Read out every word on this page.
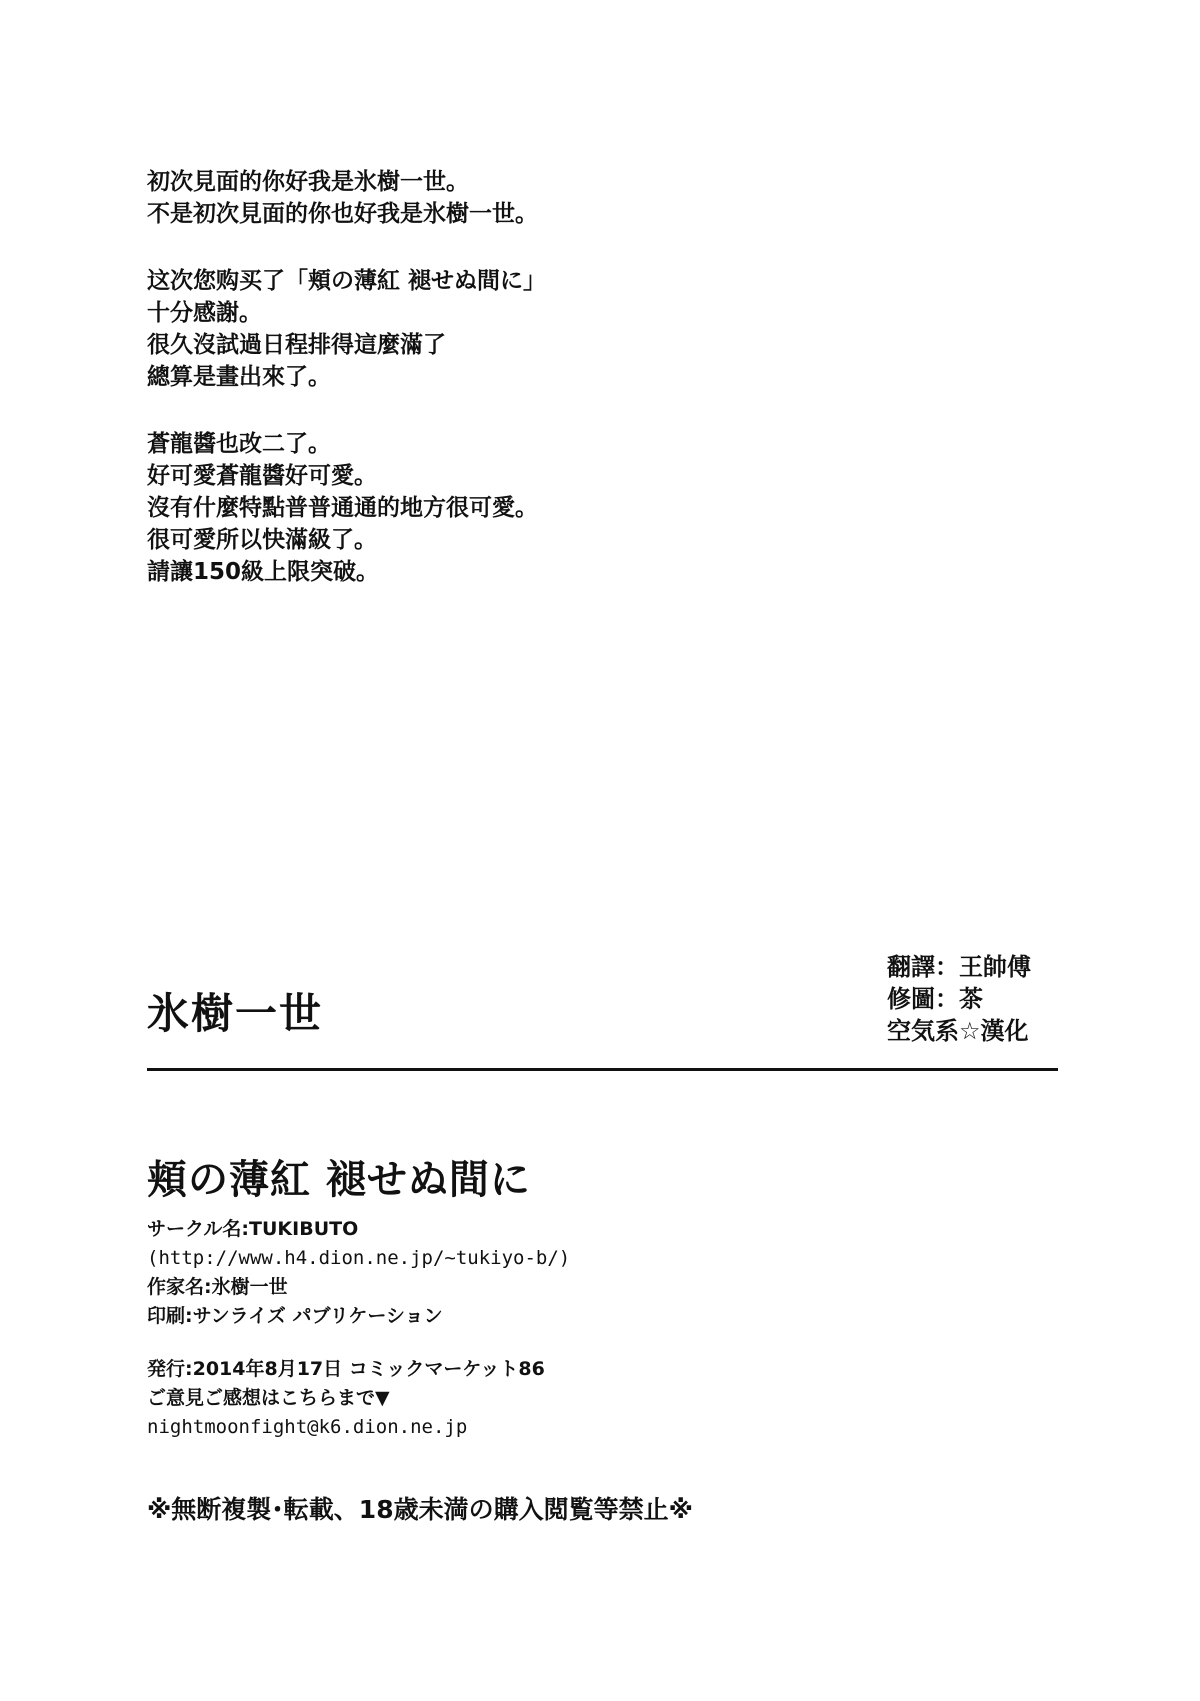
初次見面的你好我是氷樹一世。
不是初次見面的你也好我是氷樹一世。
这次您购买了「頬の薄紅 褪せぬ間に」
十分感謝。
很久沒試過日程排得這麼滿了
總算是畫出來了。
蒼龍醬也改二了。
好可愛蒼龍醬好可愛。
沒有什麼特點普普通通的地方很可愛。
很可愛所以快滿級了。
請讓150級上限突破。
氷樹一世
翻譯：王帥傅
修圖：茶
空気系☆漢化
頬の薄紅 褪せぬ間に
サークル名:TUKIBUTO
(http://www.h4.dion.ne.jp/~tukiyo-b/)
作家名:氷樹一世
印刷:サンライズ パブリケーション
発行:2014年8月17日 コミックマーケット86
ご意見ご感想はこちらまで▼
nightmoonfight@k6.dion.ne.jp
※無断複製･転載、18歳未満の購入閲覧等禁止※
